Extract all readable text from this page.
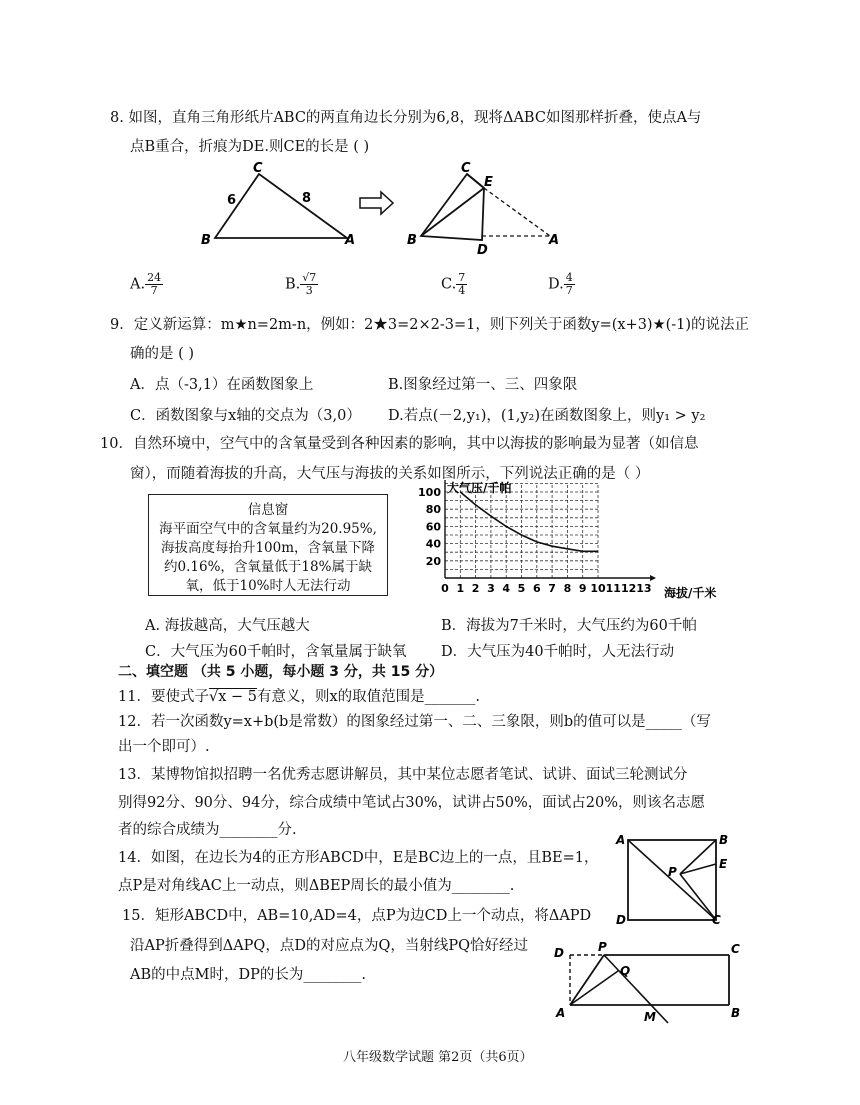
8. 如图，直角三角形纸片ABC的两直角边长分别为6,8，现将ΔABC如图那样折叠，使点A与
点B重合，折痕为DE.则CE的长是 ( )
B
C
A
6	8
B
C
E
D
A
A. $\frac{24}{7}$	B. $\frac{√7}{3}$	C. $\frac{7}{4}$	D. $\frac{4}{7}$
9．定义新运算：m★n=2m-n，例如：2★3=2×2-3=1，则下列关于函数y=(x+3)★(-1)的说法正
确的是 ( )
A．点（-3,1）在函数图象上	B.图象经过第一、三、四象限
C．函数图象与x轴的交点为（3,0） D.若点(－2,y₁)，(1,y₂)在函数图象上，则y₁ > y₂
10．自然环境中，空气中的含氧量受到各种因素的影响，其中以海拔的影响最为显著（如信息
窗），而随着海拔的升高，大气压与海拔的关系如图所示，下列说法正确的是（ ）
信息窗
海平面空气中的含氧量约为20.95%,
海拔高度每抬升100m，含氧量下降
约0.16%，含氧量低于18%属于缺
氧，低于10%时人无法行动
20
40
60
80
100
0 1 2 3 4 5 6 7 8 9 10 11 12 13
大气压/千帕
海拔/千米
A. 海拔越高，大气压越大	B．海拔为7千米时，大气压约为60千帕
C．大气压为60千帕时，含氧量属于缺氧 D．大气压为40千帕时，人无法行动
二、填空题 （共 5 小题，每小题 3 分，共 15 分）
11．要使式子√x − 5有意义，则x的取值范围是_______.
12．若一次函数y=x+b(b是常数）的图象经过第一、二、三象限，则b的值可以是_____（写
出一个即可）.
13．某博物馆拟招聘一名优秀志愿讲解员，其中某位志愿者笔试、试讲、面试三轮测试分
别得92分、90分、94分，综合成绩中笔试占30%，试讲占50%，面试占20%，则该名志愿
者的综合成绩为________分.
14．如图，在边长为4的正方形ABCD中，E是BC边上的一点，且BE=1，
点P是对角线AC上一动点，则ΔBEP周长的最小值为________.
A	B
E
P
D	C
15．矩形ABCD中，AB=10,AD=4，点P为边CD上一个动点，将ΔAPD
沿AP折叠得到ΔAPQ，点D的对应点为Q，当射线PQ恰好经过
AB的中点M时，DP的长为________.
D	P
Q
C
A	M	B
八年级数学试题 第2页（共6页）
